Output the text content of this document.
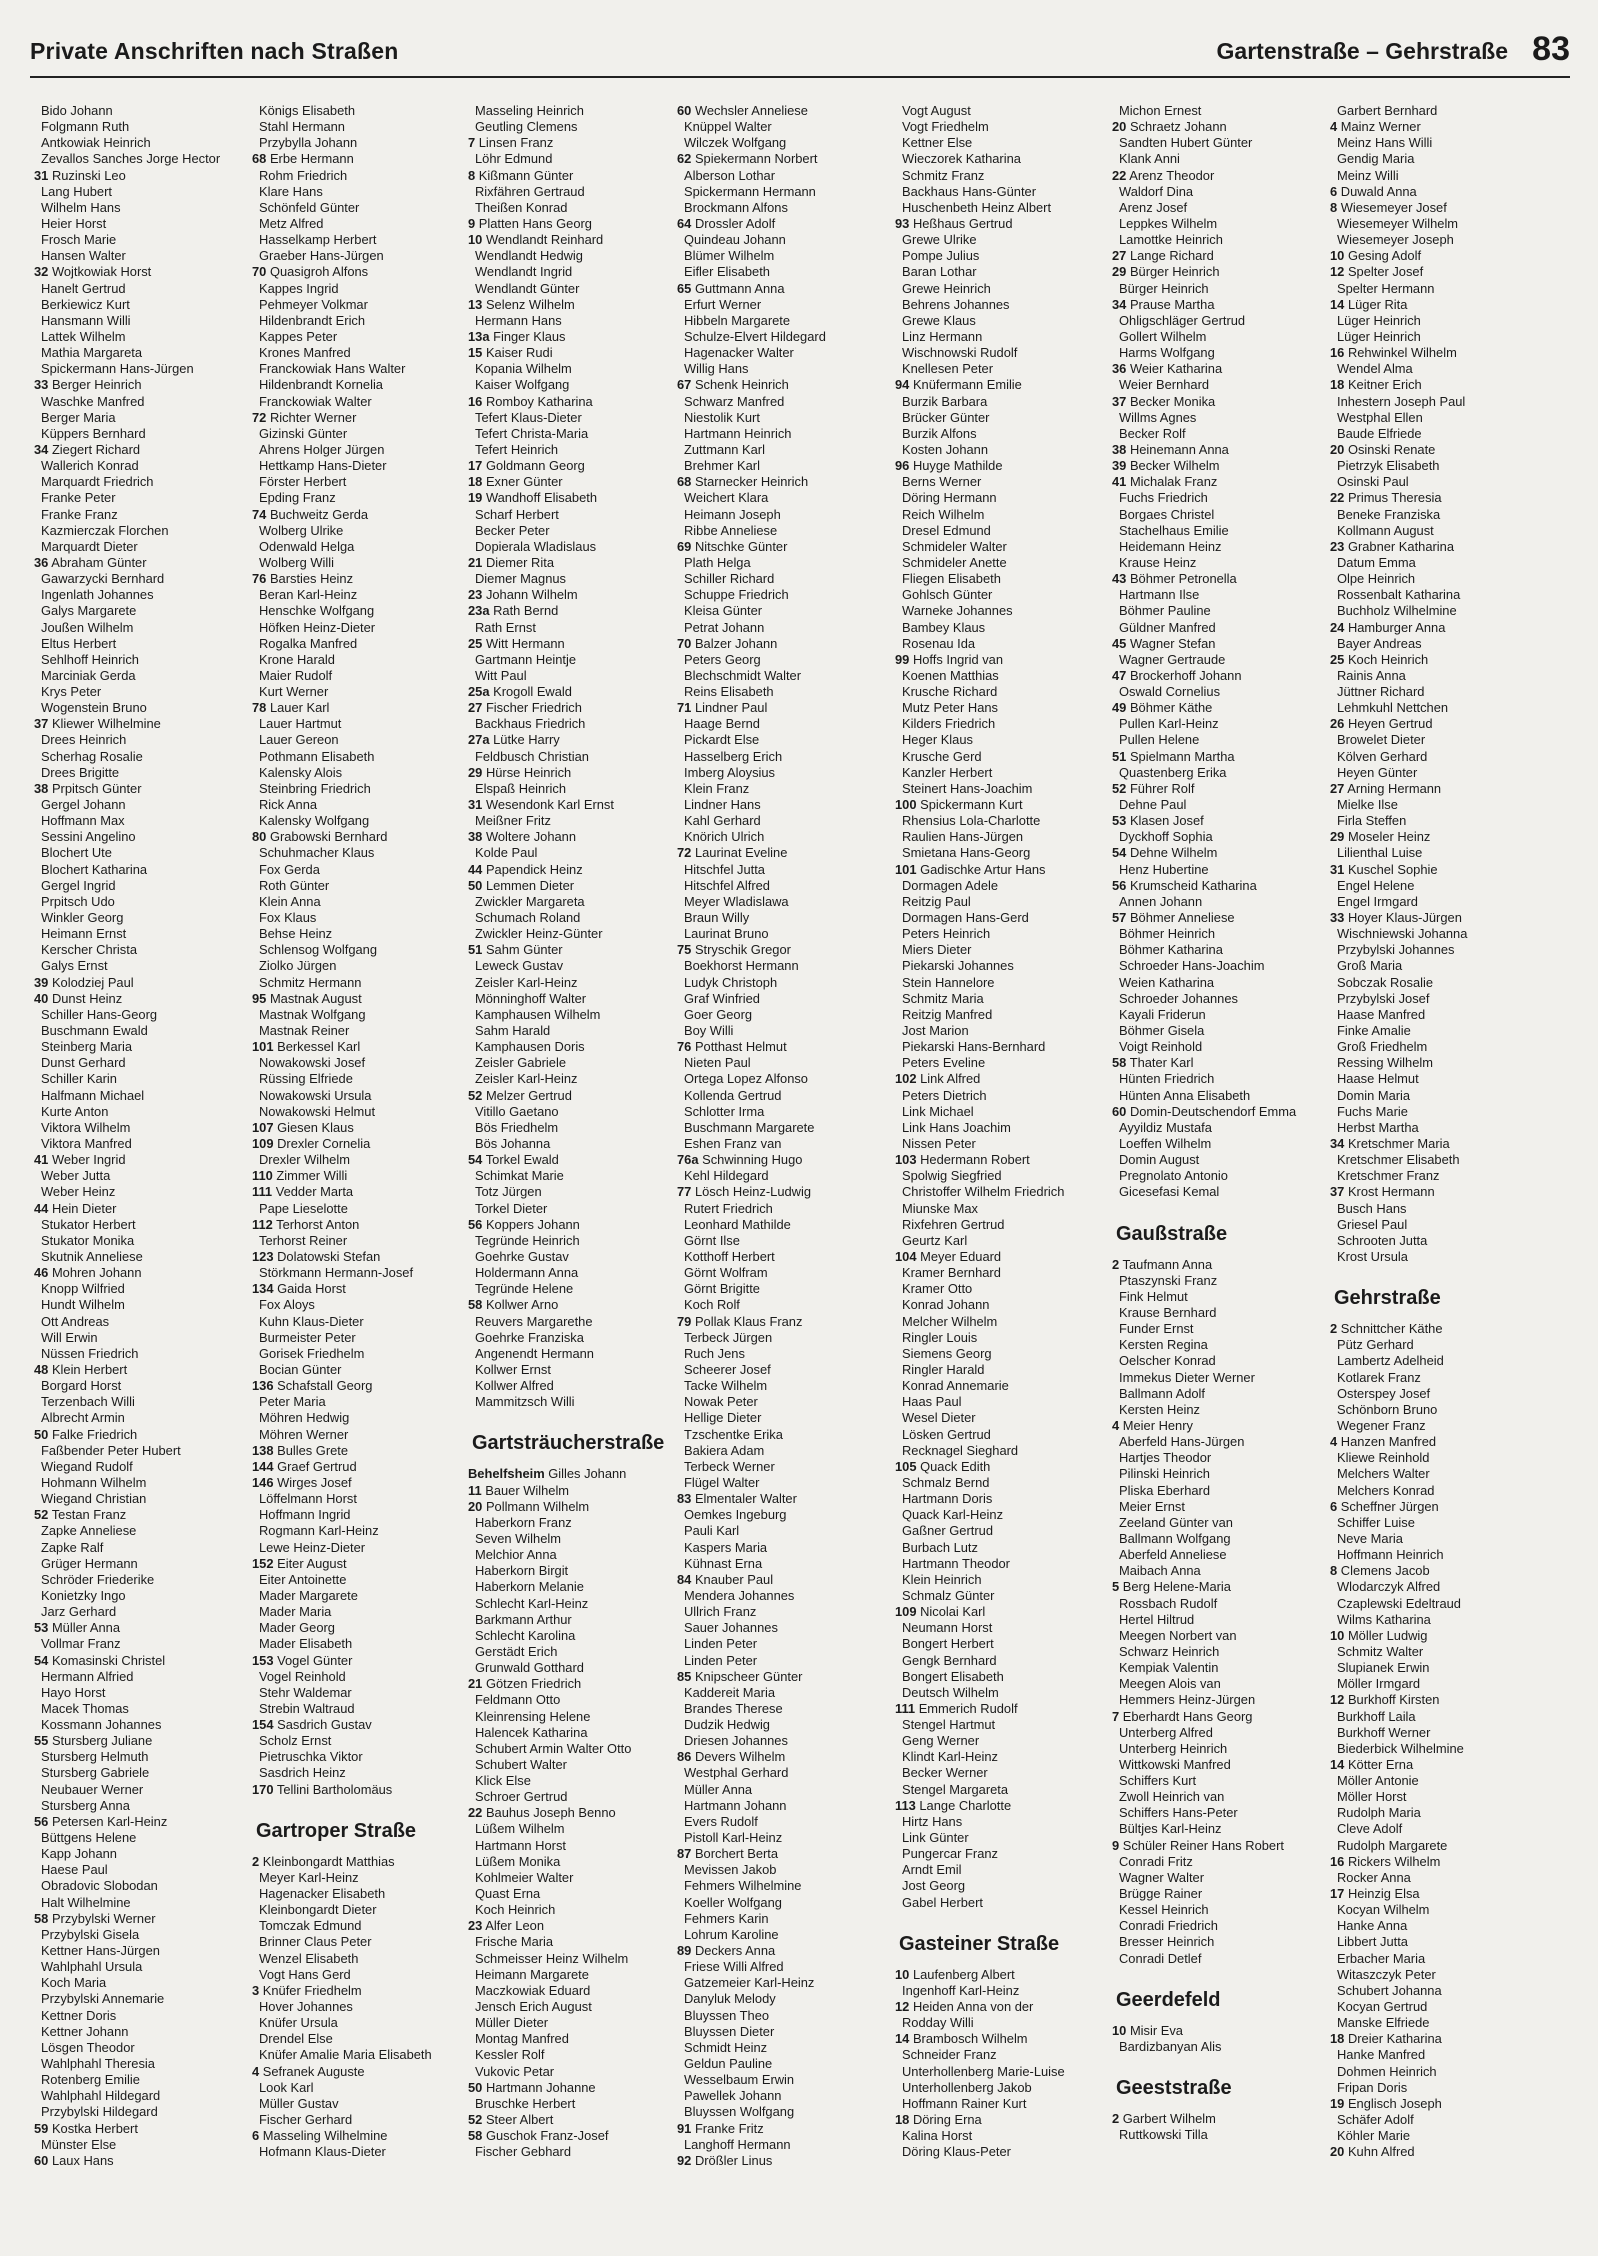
Private Anschriften nach Straßen	Gartenstraße – Gehrstraße 83
Bido Johann
Folgmann Ruth
Antkowiak Heinrich
Zevallos Sanches Jorge Hector
31 Ruzinski Leo
Lang Hubert
Wilhelm Hans
Heier Horst
Frosch Marie
Hansen Walter
32 Wojtkowiak Horst
Hanelt Gertrud
Berkiewicz Kurt
Hansmann Willi
Lattek Wilhelm
Mathia Margareta
Spickermann Hans-Jürgen
33 Berger Heinrich
Waschke Manfred
Berger Maria
Küppers Bernhard
34 Ziegert Richard
Wallerich Konrad
Marquardt Friedrich
Franke Peter
Franke Franz
Kazmierczak Florchen
Marquardt Dieter
36 Abraham Günter
Gawarzycki Bernhard
Ingenlath Johannes
Galys Margarete
Joußen Wilhelm
Eltus Herbert
Sehlhoff Heinrich
Marciniak Gerda
Krys Peter
Wogenstein Bruno
37 Kliewer Wilhelmine
Drees Heinrich
Scherhag Rosalie
Drees Brigitte
38 Prpitsch Günter
Gergel Johann
Hoffmann Max
Sessini Angelino
Blochert Ute
Blochert Katharina
Gergel Ingrid
Prpitsch Udo
Winkler Georg
Heimann Ernst
Kerscher Christa
Galys Ernst
39 Kolodziej Paul
40 Dunst Heinz
Schiller Hans-Georg
Buschmann Ewald
Steinberg Maria
Dunst Gerhard
Schiller Karin
Halfmann Michael
Kurte Anton
Viktora Wilhelm
Viktora Manfred
41 Weber Ingrid
Weber Jutta
Weber Heinz
44 Hein Dieter
Stukator Herbert
Stukator Monika
Skutnik Anneliese
46 Mohren Johann
Knopp Wilfried
Hundt Wilhelm
Ott Andreas
Will Erwin
Nüssen Friedrich
48 Klein Herbert
Borgard Horst
Terzenbach Willi
Albrecht Armin
50 Falke Friedrich
Faßbender Peter Hubert
Wiegand Rudolf
Hohmann Wilhelm
Wiegand Christian
52 Testan Franz
Zapke Anneliese
Zapke Ralf
Grüger Hermann
Schröder Friederike
Konietzky Ingo
Jarz Gerhard
53 Müller Anna
Vollmar Franz
54 Komasinski Christel
Hermann Alfried
Hayo Horst
Macek Thomas
Kossmann Johannes
55 Stursberg Juliane
Stursberg Helmuth
Stursberg Gabriele
Neubauer Werner
Stursberg Anna
56 Petersen Karl-Heinz
Büttgens Helene
Kapp Johann
Haese Paul
Obradovic Slobodan
Halt Wilhelmine
58 Przybylski Werner
Przybylski Gisela
Kettner Hans-Jürgen
Wahlphahl Ursula
Koch Maria
Przybylski Annemarie
Kettner Doris
Kettner Johann
Lösgen Theodor
Wahlphahl Theresia
Rotenberg Emilie
Wahlphahl Hildegard
Przybylski Hildegard
59 Kostka Herbert
Münster Else
60 Laux Hans
Königs Elisabeth
Stahl Hermann
Przybylla Johann
68 Erbe Hermann
Rohm Friedrich
Klare Hans
Schönfeld Günter
Metz Alfred
Hasselkamp Herbert
Graeber Hans-Jürgen
70 Quasigroh Alfons
Kappes Ingrid
Pehmeyer Volkmar
Hildenbrandt Erich
Kappes Peter
Krones Manfred
Franckowiak Hans Walter
Hildenbrandt Kornelia
Franckowiak Walter
72 Richter Werner
Gizinski Günter
Ahrens Holger Jürgen
Hettkamp Hans-Dieter
Förster Herbert
Epding Franz
74 Buchweitz Gerda
Wolberg Ulrike
Odenwald Helga
Wolberg Willi
76 Barsties Heinz
Beran Karl-Heinz
Henschke Wolfgang
Höfken Heinz-Dieter
Rogalka Manfred
Krone Harald
Maier Rudolf
Kurt Werner
78 Lauer Karl
Lauer Hartmut
Lauer Gereon
Pothmann Elisabeth
Kalensky Alois
Steinbring Friedrich
Rick Anna
Kalensky Wolfgang
80 Grabowski Bernhard
Schuhmacher Klaus
Fox Gerda
Roth Günter
Klein Anna
Fox Klaus
Behse Heinz
Schlensog Wolfgang
Ziolko Jürgen
Schmitz Hermann
95 Mastnak August
Mastnak Wolfgang
Mastnak Reiner
101 Berkessel Karl
Nowakowski Josef
Rüssing Elfriede
Nowakowski Ursula
Nowakowski Helmut
107 Giesen Klaus
109 Drexler Cornelia
Drexler Wilhelm
110 Zimmer Willi
111 Vedder Marta
Pape Lieselotte
112 Terhorst Anton
Terhorst Reiner
123 Dolatowski Stefan
Störkmann Hermann-Josef
134 Gaida Horst
Fox Aloys
Kuhn Klaus-Dieter
Burmeister Peter
Gorisek Friedhelm
Bocian Günter
136 Schafstall Georg
Peter Maria
Möhren Hedwig
Möhren Werner
138 Bulles Grete
144 Graef Gertrud
146 Wirges Josef
Löffelmann Horst
Hoffmann Ingrid
Rogmann Karl-Heinz
Lewe Heinz-Dieter
152 Eiter August
Eiter Antoinette
Mader Margarete
Mader Maria
Mader Georg
Mader Elisabeth
153 Vogel Günter
Vogel Reinhold
Stehr Waldemar
Strebin Waltraud
154 Sasdrich Gustav
Scholz Ernst
Pietruschka Viktor
Sasdrich Heinz
170 Tellini Bartholomäus
Gartroper Straße
2 Kleinbongardt Matthias
Meyer Karl-Heinz
Hagenacker Elisabeth
Kleinbongardt Dieter
Tomczak Edmund
Brinner Claus Peter
Wenzel Elisabeth
Vogt Hans Gerd
3 Knüfer Friedhelm
Hover Johannes
Knüfer Ursula
Drendel Else
Knüfer Amalie Maria Elisabeth
4 Sefranek Auguste
Look Karl
Müller Gustav
Fischer Gerhard
6 Masseling Wilhelmine
Hofmann Klaus-Dieter
Masseling Heinrich
Geutling Clemens
7 Linsen Franz
Löhr Edmund
8 Kißmann Günter
Rixfähren Gertraud
Theißen Konrad
9 Platten Hans Georg
10 Wendlandt Reinhard
Wendlandt Hedwig
Wendlandt Ingrid
Wendlandt Günter
13 Selenz Wilhelm
Hermann Hans
13a Finger Klaus
15 Kaiser Rudi
Kopania Wilhelm
Kaiser Wolfgang
16 Romboy Katharina
Tefert Klaus-Dieter
Tefert Christa-Maria
Tefert Heinrich
17 Goldmann Georg
18 Exner Günter
19 Wandhoff Elisabeth
Scharf Herbert
Becker Peter
Dopierala Wladislaus
21 Diemer Rita
Diemer Magnus
23 Johann Wilhelm
23a Rath Bernd
Rath Ernst
25 Witt Hermann
Gartmann Heintje
Witt Paul
25a Krogoll Ewald
27 Fischer Friedrich
Backhaus Friedrich
27a Lütke Harry
Feldbusch Christian
29 Hürse Heinrich
Elspaß Heinrich
31 Wesendonk Karl Ernst
Meißner Fritz
38 Woltere Johann
Kolde Paul
44 Papendick Heinz
50 Lemmen Dieter
Zwickler Margareta
Schumach Roland
Zwickler Heinz-Günter
51 Sahm Günter
Leweck Gustav
Zeisler Karl-Heinz
Mönninghoff Walter
Kamphausen Wilhelm
Sahm Harald
Kamphausen Doris
Zeisler Gabriele
Zeisler Karl-Heinz
52 Melzer Gertrud
Vitillo Gaetano
Bös Friedhelm
Bös Johanna
54 Torkel Ewald
Schimkat Marie
Totz Jürgen
Torkel Dieter
56 Koppers Johann
Tegründe Heinrich
Goehrke Gustav
Holdermann Anna
Tegründe Helene
58 Kollwer Arno
Reuvers Margarethe
Goehrke Franziska
Angenendt Hermann
Kollwer Ernst
Kollwer Alfred
Mammitzsch Willi
Gartsträucherstraße
Behelfsheim Gilles Johann
11 Bauer Wilhelm
20 Pollmann Wilhelm
Haberkorn Franz
Seven Wilhelm
Melchior Anna
Haberkorn Birgit
Haberkorn Melanie
Schlecht Karl-Heinz
Barkmann Arthur
Schlecht Karolina
Gerstädt Erich
Grunwald Gotthard
21 Götzen Friedrich
Feldmann Otto
Kleinrensing Helene
Halencek Katharina
Schubert Armin Walter Otto
Schubert Walter
Klick Else
Schroer Gertrud
22 Bauhus Joseph Benno
Lüßem Wilhelm
Hartmann Horst
Lüßem Monika
Kohlmeier Walter
Quast Erna
Koch Heinrich
23 Alfer Leon
Frische Maria
Schmeisser Heinz Wilhelm
Heimann Margarete
Maczkowiak Eduard
Jensch Erich August
Müller Dieter
Montag Manfred
Kessler Rolf
Vukovic Petar
50 Hartmann Johanne
Bruschke Herbert
52 Steer Albert
58 Guschok Franz-Josef
Fischer Gebhard
60 Wechsler Anneliese
Knüppel Walter
Wilczek Wolfgang
62 Spiekermann Norbert
Alberson Lothar
Spickermann Hermann
Brockmann Alfons
64 Drossler Adolf
Quindeau Johann
Blümer Wilhelm
Eifler Elisabeth
65 Guttmann Anna
Erfurt Werner
Hibbeln Margarete
Schulze-Elvert Hildegard
Hagenacker Walter
Willig Hans
67 Schenk Heinrich
Schwarz Manfred
Niestolik Kurt
Hartmann Heinrich
Zuttmann Karl
Brehmer Karl
68 Starnecker Heinrich
Weichert Klara
Heimann Joseph
Ribbe Anneliese
69 Nitschke Günter
Plath Helga
Schiller Richard
Schuppe Friedrich
Kleisa Günter
Petrat Johann
70 Balzer Johann
Peters Georg
Blechschmidt Walter
Reins Elisabeth
71 Lindner Paul
Haage Bernd
Pickardt Else
Hasselberg Erich
Imberg Aloysius
Klein Franz
Lindner Hans
Kahl Gerhard
Knörich Ulrich
72 Laurinat Eveline
Hitschfel Jutta
Hitschfel Alfred
Meyer Wladislawa
Braun Willy
Laurinat Bruno
75 Stryschik Gregor
Boekhorst Hermann
Ludyk Christoph
Graf Winfried
Goer Georg
Boy Willi
76 Potthast Helmut
Nieten Paul
Ortega Lopez Alfonso
Kollenda Gertrud
Schlotter Irma
Buschmann Margarete
Eshen Franz van
76a Schwinning Hugo
Kehl Hildegard
77 Lösch Heinz-Ludwig
Rutert Friedrich
Leonhard Mathilde
Görnt Ilse
Kotthoff Herbert
Görnt Wolfram
Görnt Brigitte
Koch Rolf
79 Pollak Klaus Franz
Terbeck Jürgen
Ruch Jens
Scheerer Josef
Tacke Wilhelm
Nowak Peter
Hellige Dieter
Tzschentke Erika
Bakiera Adam
Terbeck Werner
Flügel Walter
83 Elmentaler Walter
Oemkes Ingeburg
Pauli Karl
Kaspers Maria
Kühnast Erna
84 Knauber Paul
Mendera Johannes
Ullrich Franz
Sauer Johannes
Linden Peter
Linden Peter
85 Knipscheer Günter
Kaddereit Maria
Brandes Therese
Dudzik Hedwig
Driesen Johannes
86 Devers Wilhelm
Westphal Gerhard
Müller Anna
Hartmann Johann
Evers Rudolf
Pistoll Karl-Heinz
87 Borchert Berta
Mevissen Jakob
Fehmers Wilhelmine
Koeller Wolfgang
Fehmers Karin
Lohrum Karoline
89 Deckers Anna
Friese Willi Alfred
Gatzemeier Karl-Heinz
Danyluk Melody
Bluyssen Theo
Bluyssen Dieter
Schmidt Heinz
Geldun Pauline
Wesselbaum Erwin
Pawellek Johann
Bluyssen Wolfgang
91 Franke Fritz
Langhoff Hermann
92 Drößler Linus
Vogt August
Vogt Friedhelm
Kettner Else
Wieczorek Katharina
Schmitz Franz
Backhaus Hans-Günter
Huschenbeth Heinz Albert
93 Heßhaus Gertrud
Grewe Ulrike
Pompe Julius
Baran Lothar
Grewe Heinrich
Behrens Johannes
Grewe Klaus
Linz Hermann
Wischnowski Rudolf
Knellesen Peter
94 Knüfermann Emilie
Burzik Barbara
Brücker Günter
Burzik Alfons
Kosten Johann
96 Huyge Mathilde
Berns Werner
Döring Hermann
Reich Wilhelm
Dresel Edmund
Schmideler Walter
Schmideler Anette
Fliegen Elisabeth
Gohlsch Günter
Warneke Johannes
Bambey Klaus
Rosenau Ida
99 Hoffs Ingrid van
Koenen Matthias
Krusche Richard
Mutz Peter Hans
Kilders Friedrich
Heger Klaus
Krusche Gerd
Kanzler Herbert
Steinert Hans-Joachim
100 Spickermann Kurt
Rhensius Lola-Charlotte
Raulien Hans-Jürgen
Smietana Hans-Georg
101 Gadischke Artur Hans
Dormagen Adele
Reitzig Paul
Dormagen Hans-Gerd
Peters Heinrich
Miers Dieter
Piekarski Johannes
Stein Hannelore
Schmitz Maria
Reitzig Manfred
Jost Marion
Piekarski Hans-Bernhard
Peters Eveline
102 Link Alfred
Peters Dietrich
Link Michael
Link Hans Joachim
Nissen Peter
103 Hedermann Robert
Spolwig Siegfried
Christoffer Wilhelm Friedrich
Miunske Max
Rixfehren Gertrud
Geurtz Karl
104 Meyer Eduard
Kramer Bernhard
Kramer Otto
Konrad Johann
Melcher Wilhelm
Ringler Louis
Siemens Georg
Ringler Harald
Konrad Annemarie
Haas Paul
Wesel Dieter
Lösken Gertrud
Recknagel Sieghard
105 Quack Edith
Schmalz Bernd
Hartmann Doris
Quack Karl-Heinz
Gaßner Gertrud
Burbach Lutz
Hartmann Theodor
Klein Heinrich
Schmalz Günter
109 Nicolai Karl
Neumann Horst
Bongert Herbert
Gengk Bernhard
Bongert Elisabeth
Deutsch Wilhelm
111 Emmerich Rudolf
Stengel Hartmut
Geng Werner
Klindt Karl-Heinz
Becker Werner
Stengel Margareta
113 Lange Charlotte
Hirtz Hans
Link Günter
Pungercar Franz
Arndt Emil
Jost Georg
Gabel Herbert
Gasteiner Straße
10 Laufenberg Albert
Ingenhoff Karl-Heinz
12 Heiden Anna von der
Rodday Willi
14 Brambosch Wilhelm
Schneider Franz
Unterhollenberg Marie-Luise
Unterhollenberg Jakob
Hoffmann Rainer Kurt
18 Döring Erna
Kalina Horst
Döring Klaus-Peter
Michon Ernest
20 Schraetz Johann
Sandten Hubert Günter
Klank Anni
22 Arenz Theodor
Waldorf Dina
Arenz Josef
Leppkes Wilhelm
Lamottke Heinrich
27 Lange Richard
29 Bürger Heinrich
Bürger Heinrich
34 Prause Martha
Ohligschläger Gertrud
Gollert Wilhelm
Harms Wolfgang
36 Weier Katharina
Weier Bernhard
37 Becker Monika
Willms Agnes
Becker Rolf
38 Heinemann Anna
39 Becker Wilhelm
41 Michalak Franz
Fuchs Friedrich
Borgaes Christel
Stachelhaus Emilie
Heidemann Heinz
Krause Heinz
43 Böhmer Petronella
Hartmann Ilse
Böhmer Pauline
Güldner Manfred
45 Wagner Stefan
Wagner Gertraude
47 Brockerhoff Johann
Oswald Cornelius
49 Böhmer Käthe
Pullen Karl-Heinz
Pullen Helene
51 Spielmann Martha
Quastenberg Erika
52 Führer Rolf
Dehne Paul
53 Klasen Josef
Dyckhoff Sophia
54 Dehne Wilhelm
Henz Hubertine
56 Krumscheid Katharina
Annen Johann
57 Böhmer Anneliese
Böhmer Heinrich
Böhmer Katharina
Schroeder Hans-Joachim
Weien Katharina
Schroeder Johannes
Kayali Friderun
Böhmer Gisela
Voigt Reinhold
58 Thater Karl
Hünten Friedrich
Hünten Anna Elisabeth
60 Domin-Deutschendorf Emma
Ayyildiz Mustafa
Loeffen Wilhelm
Domin August
Pregnolato Antonio
Gicesefasi Kemal
Gaußstraße
2 Taufmann Anna
Ptaszynski Franz
Fink Helmut
Krause Bernhard
Funder Ernst
Kersten Regina
Oelscher Konrad
Immekus Dieter Werner
Ballmann Adolf
Kersten Heinz
4 Meier Henry
Aberfeld Hans-Jürgen
Hartjes Theodor
Pilinski Heinrich
Pliska Eberhard
Meier Ernst
Zeeland Günter van
Ballmann Wolfgang
Aberfeld Anneliese
Maibach Anna
5 Berg Helene-Maria
Rossbach Rudolf
Hertel Hiltrud
Meegen Norbert van
Schwarz Heinrich
Kempiak Valentin
Meegen Alois van
Hemmers Heinz-Jürgen
7 Eberhardt Hans Georg
Unterberg Alfred
Unterberg Heinrich
Wittkowski Manfred
Schiffers Kurt
Zwoll Heinrich van
Schiffers Hans-Peter
Bültjes Karl-Heinz
9 Schüler Reiner Hans Robert
Conradi Fritz
Wagner Walter
Brügge Rainer
Kessel Heinrich
Conradi Friedrich
Bresser Heinrich
Conradi Detlef
Geerdefeld
10 Misir Eva
Bardizbanyan Alis
Geeststraße
2 Garbert Wilhelm
Ruttkowski Tilla
Garbert Bernhard
4 Mainz Werner
Meinz Hans Willi
Gendig Maria
Meinz Willi
6 Duwald Anna
8 Wiesemeyer Josef
Wiesemeyer Wilhelm
Wiesemeyer Joseph
10 Gesing Adolf
12 Spelter Josef
Spelter Hermann
14 Lüger Rita
Lüger Heinrich
Lüger Heinrich
16 Rehwinkel Wilhelm
Wendel Alma
18 Keitner Erich
Inhestern Joseph Paul
Westphal Ellen
Baude Elfriede
20 Osinski Renate
Pietrzyk Elisabeth
Osinski Paul
22 Primus Theresia
Beneke Franziska
Kollmann August
23 Grabner Katharina
Datum Emma
Olpe Heinrich
Rossenbalt Katharina
Buchholz Wilhelmine
24 Hamburger Anna
Bayer Andreas
25 Koch Heinrich
Rainis Anna
Jüttner Richard
Lehmkuhl Nettchen
26 Heyen Gertrud
Browelet Dieter
Kölven Gerhard
Heyen Günter
27 Arning Hermann
Mielke Ilse
Firla Steffen
29 Moseler Heinz
Lilienthal Luise
31 Kuschel Sophie
Engel Helene
Engel Irmgard
33 Hoyer Klaus-Jürgen
Wischniewski Johanna
Przybylski Johannes
Groß Maria
Sobczak Rosalie
Przybylski Josef
Haase Manfred
Finke Amalie
Groß Friedhelm
Ressing Wilhelm
Haase Helmut
Domin Maria
Fuchs Marie
Herbst Martha
34 Kretschmer Maria
Kretschmer Elisabeth
Kretschmer Franz
37 Krost Hermann
Busch Hans
Griesel Paul
Schrooten Jutta
Krost Ursula
Gehrstraße
2 Schnittcher Käthe
Pütz Gerhard
Lambertz Adelheid
Kotlarek Franz
Osterspey Josef
Schönborn Bruno
Wegener Franz
4 Hanzen Manfred
Kliewe Reinhold
Melchers Walter
Melchers Konrad
6 Scheffner Jürgen
Schiffer Luise
Neve Maria
Hoffmann Heinrich
8 Clemens Jacob
Wlodarczyk Alfred
Czaplewski Edeltraud
Wilms Katharina
10 Möller Ludwig
Schmitz Walter
Slupianek Erwin
Möller Irmgard
12 Burkhoff Kirsten
Burkhoff Laila
Burkhoff Werner
Biederbick Wilhelmine
14 Kötter Erna
Möller Antonie
Möller Horst
Rudolph Maria
Cleve Adolf
Rudolph Margarete
16 Rickers Wilhelm
Rocker Anna
17 Heinzig Elsa
Kocyan Wilhelm
Hanke Anna
Libbert Jutta
Erbacher Maria
Witaszczyk Peter
Schubert Johanna
Kocyan Gertrud
Manske Elfriede
18 Dreier Katharina
Hanke Manfred
Dohmen Heinrich
Fripan Doris
19 Englisch Joseph
Schäfer Adolf
Köhler Marie
20 Kuhn Alfred
